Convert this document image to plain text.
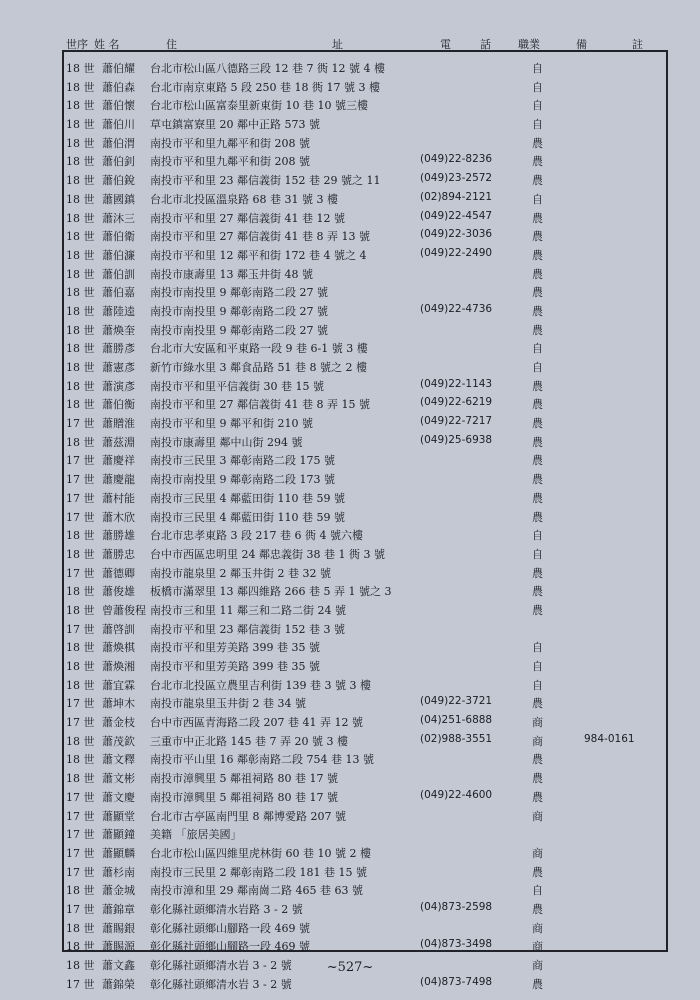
世序 姓 名	住	址	電	話 職業	備	註
18 世 蕭伯耀	台北市松山區八德路三段 12 巷 7 衖 12 號 4 樓	自
18 世 蕭伯森	台北市南京東路 5 段 250 巷 18 衖 17 號 3 樓	自
18 世 蕭伯懷	台北市松山區富泰里新東街 10 巷 10 號三樓	自
18 世 蕭伯川	草屯鎮富寮里 20 鄰中正路 573 號	自
18 世 蕭伯渭	南投市平和里九鄰平和街 208 號	農
18 世 蕭伯釗	南投市平和里九鄰平和街 208 號	(049)22-8236	農
18 世 蕭伯銳	南投市平和里 23 鄰信義街 152 巷 29 號之 11	(049)23-2572	農
18 世 蕭國鎮	台北市北投區溫泉路 68 巷 31 號 3 樓	(02)894-2121	自
18 世 蕭沐三	南投市平和里 27 鄰信義街 41 巷 12 號	(049)22-4547	農
18 世 蕭伯衛	南投市平和里 27 鄰信義街 41 巷 8 弄 13 號	(049)22-3036	農
18 世 蕭伯濂	南投市平和里 12 鄰平和街 172 巷 4 號之 4	(049)22-2490	農
18 世 蕭伯訓	南投市康壽里 13 鄰玉井街 48 號	農
18 世 蕭伯嘉	南投市南投里 9 鄰彰南路二段 27 號	農
18 世 蕭陸逵	南投市南投里 9 鄰彰南路二段 27 號	(049)22-4736	農
18 世 蕭煥奎	南投市南投里 9 鄰彰南路二段 27 號	農
18 世 蕭勝彥	台北市大安區和平東路一段 9 巷 6-1 號 3 樓	自
18 世 蕭憲彥	新竹市綠水里 3 鄰食品路 51 巷 8 號之 2 樓	自
18 世 蕭演彥	南投市平和里平信義街 30 巷 15 號	(049)22-1143	農
18 世 蕭伯衡	南投市平和里 27 鄰信義街 41 巷 8 弄 15 號	(049)22-6219	農
17 世 蕭贈淮	南投市平和里 9 鄰平和街 210 號	(049)22-7217	農
18 世 蕭茲淵	南投市康壽里 鄰中山街 294 號	(049)25-6938	農
17 世 蕭慶祥	南投市三民里 3 鄰彰南路二段 175 號	農
17 世 蕭慶龍	南投市南投里 9 鄰彰南路二段 173 號	農
17 世 蕭村能	南投市三民里 4 鄰藍田街 110 巷 59 號	農
17 世 蕭木欣	南投市三民里 4 鄰藍田街 110 巷 59 號	農
18 世 蕭勝雄	台北市忠孝東路 3 段 217 巷 6 衖 4 號六樓	自
18 世 蕭勝忠	台中市西區忠明里 24 鄰忠義街 38 巷 1 衖 3 號	自
17 世 蕭德卿	南投市龍泉里 2 鄰玉井街 2 巷 32 號	農
18 世 蕭俊雄	板橋市滿翠里 13 鄰四維路 266 巷 5 弄 1 號之 3	農
18 世 曾蕭俊程 南投市三和里 11 鄰三和二路二街 24 號	農
17 世 蕭啓訓	南投市平和里 23 鄰信義街 152 巷 3 號
18 世 蕭煥棋	南投市平和里芳美路 399 巷 35 號	自
18 世 蕭煥湘	南投市平和里芳美路 399 巷 35 號	自
18 世 蕭宜霖	台北市北投區立農里吉利街 139 巷 3 號 3 樓	自
17 世 蕭坤木	南投市龍泉里玉井街 2 巷 34 號	(049)22-3721	農
17 世 蕭金枝	台中市西區青海路二段 207 巷 41 弄 12 號	(04)251-6888	商
18 世 蕭茂欽	三重市中正北路 145 巷 7 弄 20 號 3 樓	(02)988-3551	商	984-0161
18 世 蕭文釋	南投市平山里 16 鄰彰南路二段 754 巷 13 號	農
18 世 蕭文彬	南投市漳興里 5 鄰祖祠路 80 巷 17 號	農
17 世 蕭文慶	南投市漳興里 5 鄰祖祠路 80 巷 17 號	(049)22-4600	農
17 世 蕭顯堂	台北市古亭區南門里 8 鄰博愛路 207 號	商
17 世 蕭顯鐘	美籍 「旅居美國」
17 世 蕭顯麟	台北市松山區四維里虎林街 60 巷 10 號 2 樓	商
17 世 蕭杉南	南投市三民里 2 鄰彰南路二段 181 巷 15 號	農
18 世 蕭金城	南投市漳和里 29 鄰南崗二路 465 巷 63 號	自
17 世 蕭錦章	彰化縣社頭鄉清水岩路 3 - 2 號	(04)873-2598	農
18 世 蕭賜銀	彰化縣社頭鄉山腳路一段 469 號	商
18 世 蕭賜源	彰化縣社頭鄉山腳路一段 469 號	(04)873-3498	商
18 世 蕭文鑫	彰化縣社頭鄉清水岩 3 - 2 號	商
17 世 蕭錦榮	彰化縣社頭鄉清水岩 3 - 2 號	(04)873-7498	農
~527~
